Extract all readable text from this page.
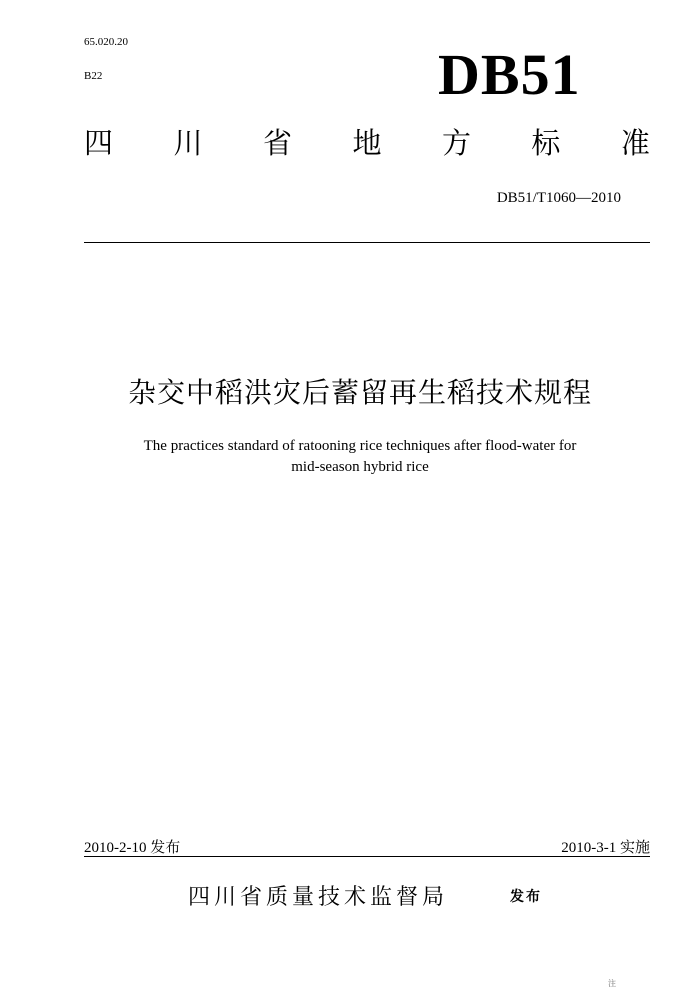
65.020.20
B22	DB51
四 川 省 地 方 标 准
DB51/T1060—2010
杂交中稻洪灾后蓄留再生稻技术规程
The practices standard of ratooning rice techniques after flood-water for
mid-season hybrid rice
2010-2-10 发布	2010-3-1 实施
四川省质量技术监督局	发布
注
